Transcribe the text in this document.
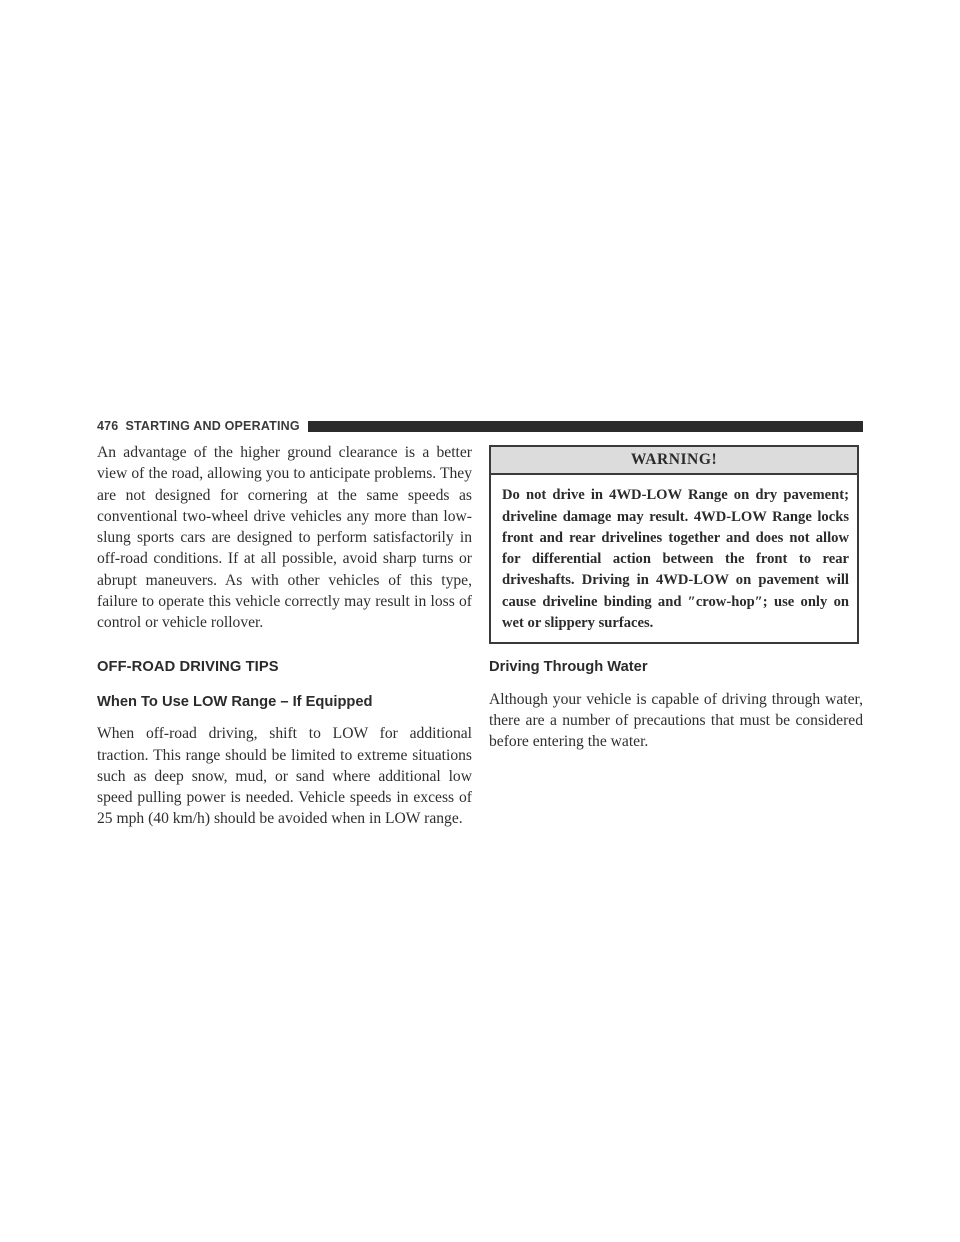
476 STARTING AND OPERATING

An advantage of the higher ground clearance is a better view of the road, allowing you to anticipate problems. They are not designed for cornering at the same speeds as conventional two-wheel drive vehicles any more than low-slung sports cars are designed to perform satisfactorily in off-road conditions. If at all possible, avoid sharp turns or abrupt maneuvers. As with other vehicles of this type, failure to operate this vehicle correctly may result in loss of control or vehicle rollover.

OFF-ROAD DRIVING TIPS
When To Use LOW Range – If Equipped

When off-road driving, shift to LOW for additional traction. This range should be limited to extreme situations such as deep snow, mud, or sand where additional low speed pulling power is needed. Vehicle speeds in excess of 25 mph (40 km/h) should be avoided when in LOW range.

WARNING!
Do not drive in 4WD-LOW Range on dry pavement; driveline damage may result. 4WD-LOW Range locks front and rear drivelines together and does not allow for differential action between the front to rear driveshafts. Driving in 4WD-LOW on pavement will cause driveline binding and ″crow-hop″; use only on wet or slippery surfaces.
Driving Through Water

Although your vehicle is capable of driving through water, there are a number of precautions that must be considered before entering the water.
